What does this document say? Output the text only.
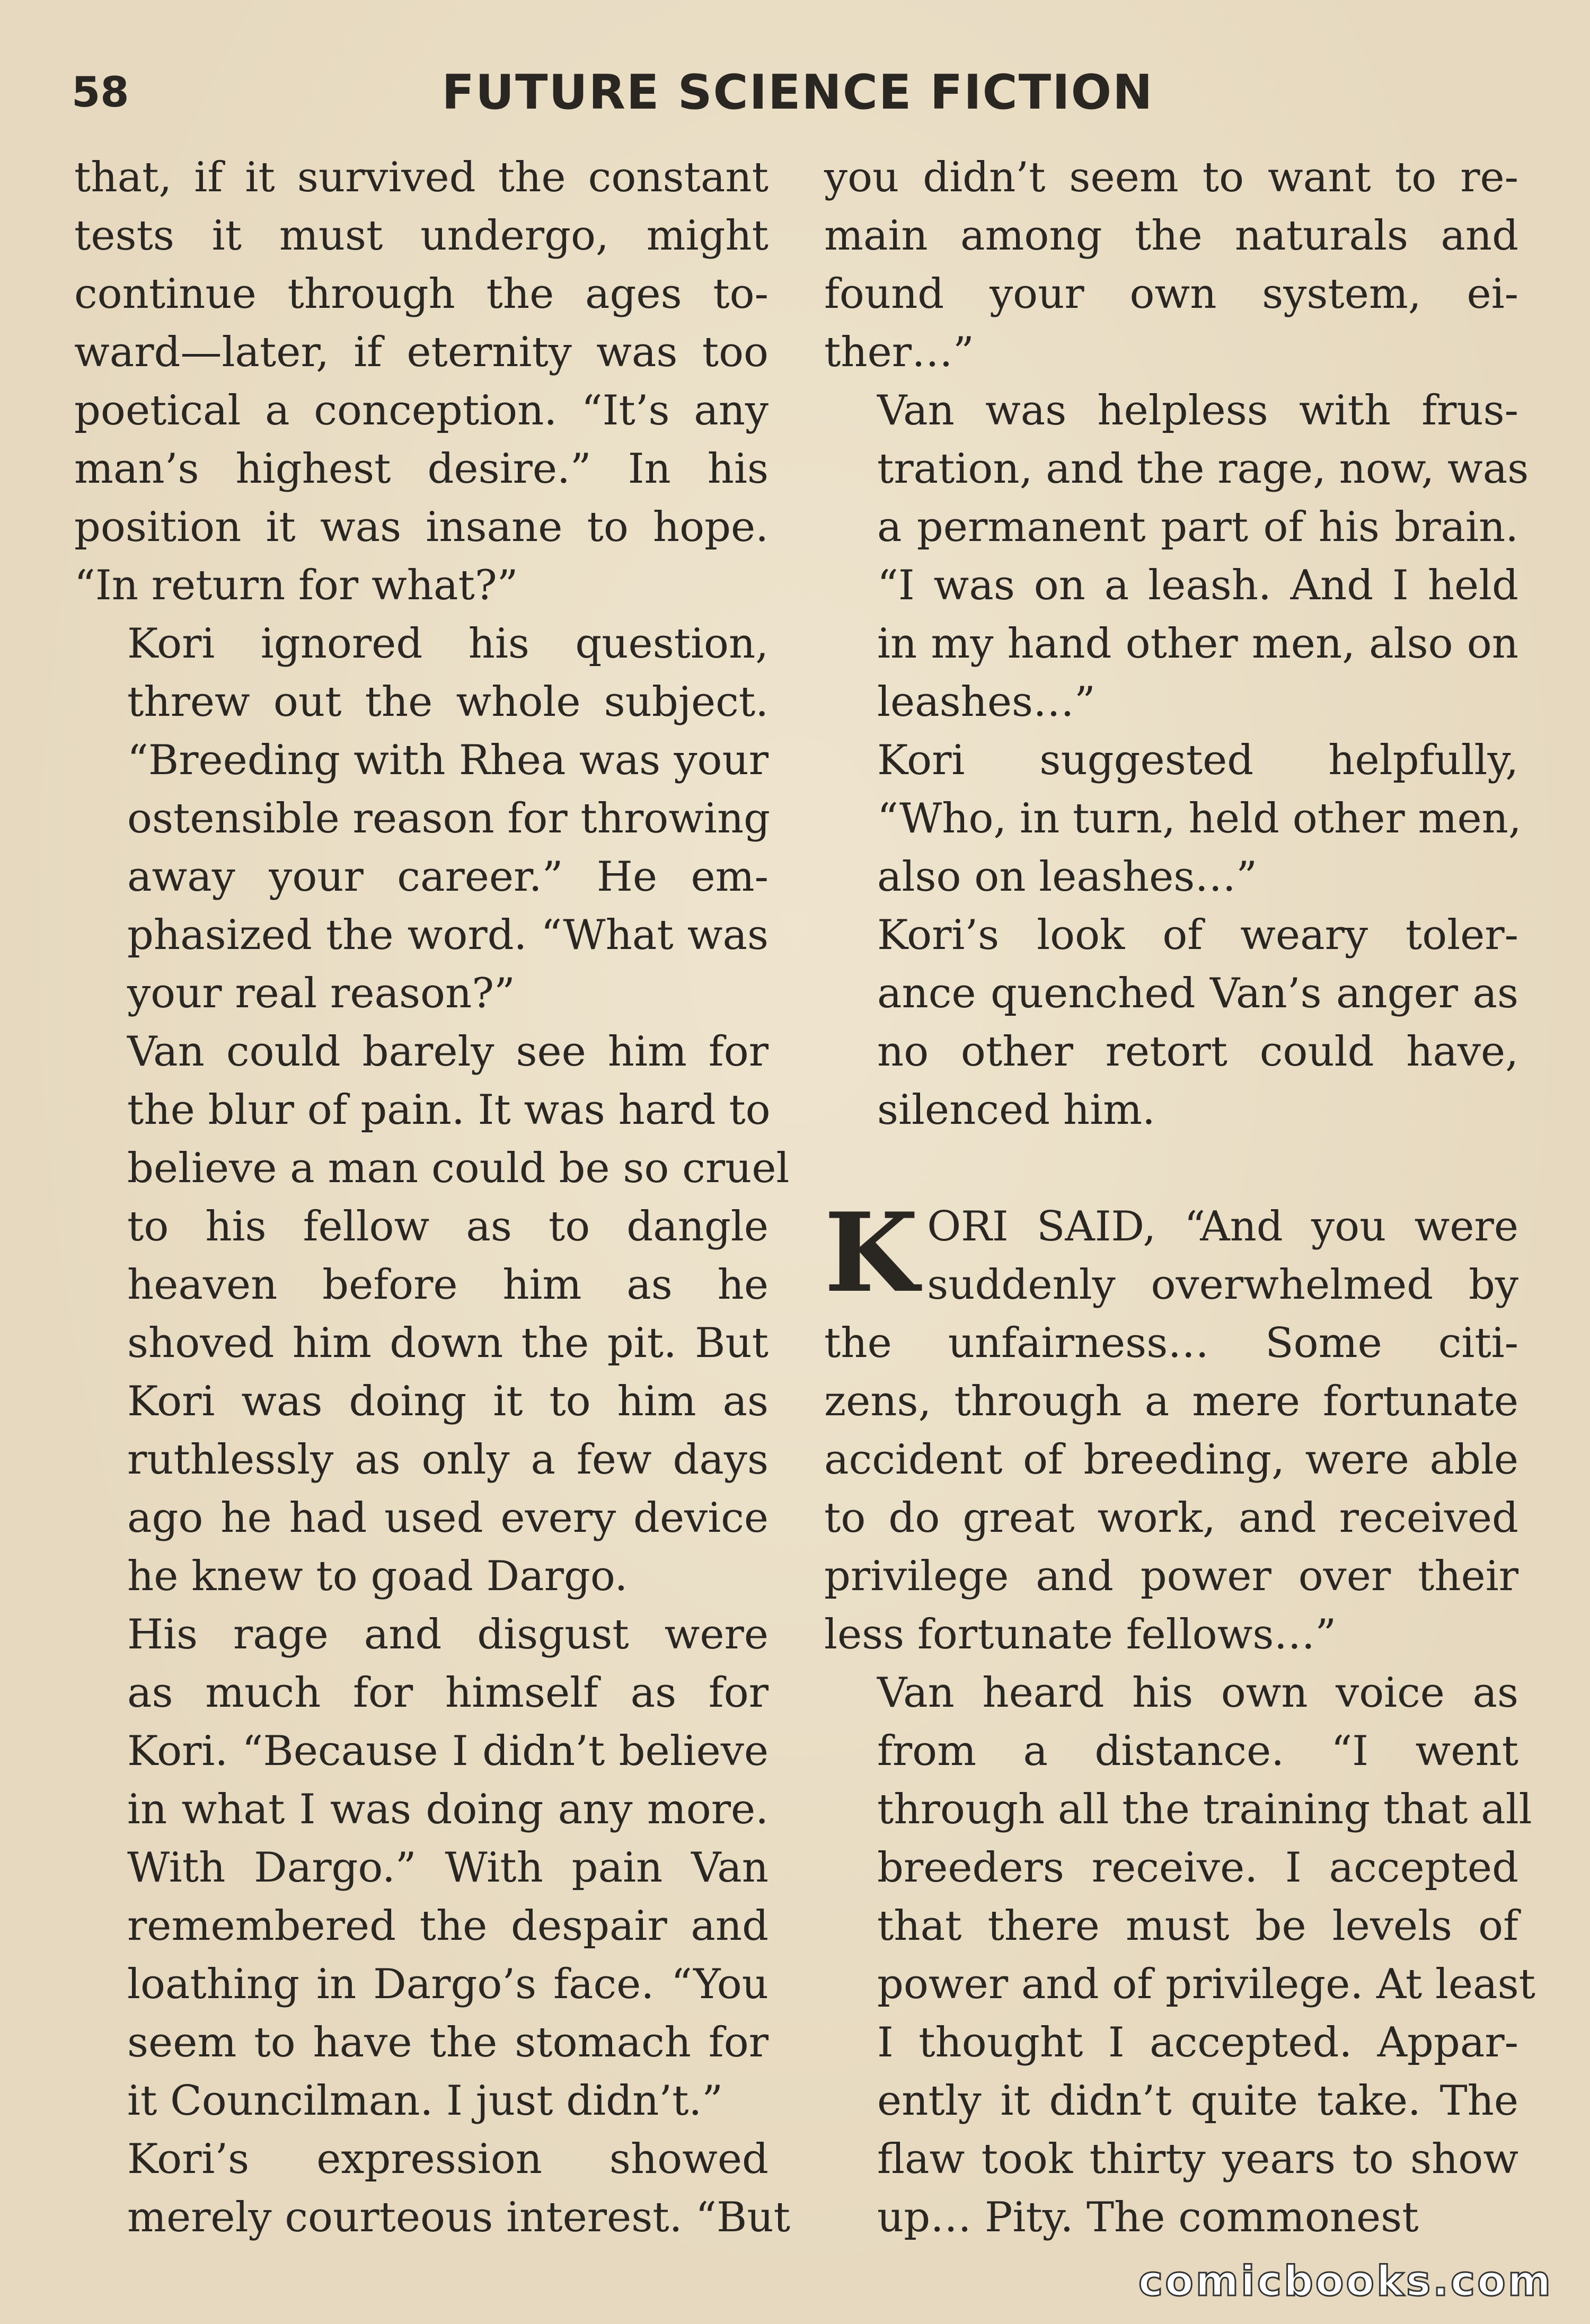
58	FUTURE SCIENCE FICTION

that, if it survived the constant
tests it must undergo, might
continue through the ages to-
ward—later, if eternity was too
poetical a conception. “It’s any
man’s highest desire.” In his
position it was insane to hope.
“In return for what?”

Kori ignored his question,
threw out the whole subject.
“Breeding with Rhea was your
ostensible reason for throwing
away your career.” He em-
phasized the word. “What was
your real reason?”

Van could barely see him for
the blur of pain. It was hard to
believe a man could be so cruel
to his fellow as to dangle
heaven before him as he
shoved him down the pit. But
Kori was doing it to him as
ruthlessly as only a few days
ago he had used every device
he knew to goad Dargo.

His rage and disgust were
as much for himself as for
Kori. “Because I didn’t believe
in what I was doing any more.
With Dargo.” With pain Van
remembered the despair and
loathing in Dargo’s face. “You
seem to have the stomach for
it Councilman. I just didn’t.”

Kori’s expression showed
merely courteous interest. “But

you didn’t seem to want to re-
main among the naturals and
found your own system, ei-
ther…”

Van was helpless with frus-
tration, and the rage, now, was
a permanent part of his brain.
“I was on a leash. And I held
in my hand other men, also on
leashes…”

Kori suggested helpfully,
“Who, in turn, held other men,
also on leashes…”

Kori’s look of weary toler-
ance quenched Van’s anger as
no other retort could have,
silenced him.

K ORI SAID, “And you were
suddenly overwhelmed by
the unfairness… Some citi-
zens, through a mere fortunate
accident of breeding, were able
to do great work, and received
privilege and power over their
less fortunate fellows…”

Van heard his own voice as
from a distance. “I went
through all the training that all
breeders receive. I accepted
that there must be levels of
power and of privilege. At least
I thought I accepted. Appar-
ently it didn’t quite take. The
flaw took thirty years to show
up… Pity. The commonest

comicbooks.com
